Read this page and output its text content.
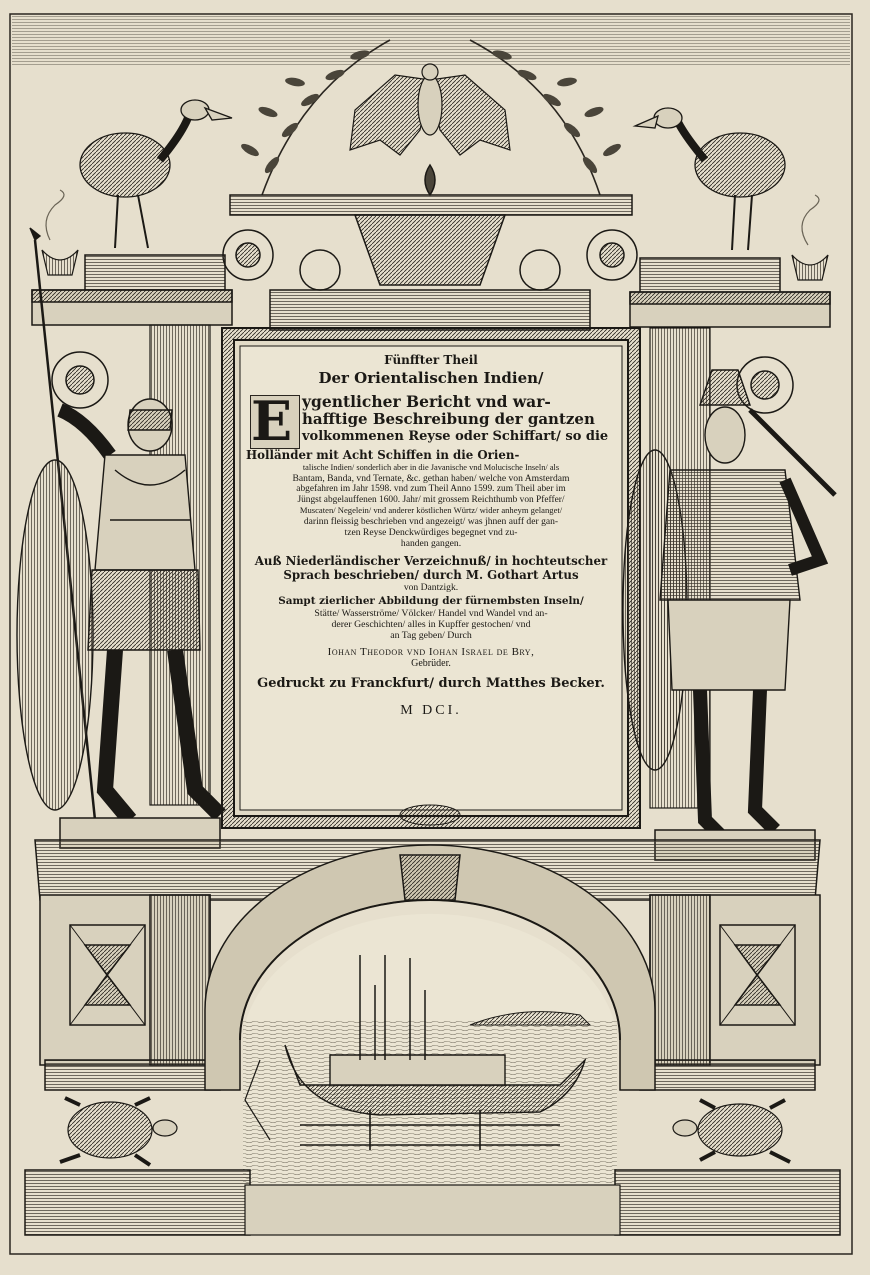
Fünffter Theil
Der Orientalischen Indien/
E ygentlicher Bericht vnd war-
hafftige Beschreibung der gantzen
volkommenen Reyse oder Schiffart/ so die
Holländer mit Acht Schiffen in die Orien-
talische Indien/ sonderlich aber in die Javanische vnd Molucische Inseln/ als
Bantam, Banda, vnd Ternate, &c. gethan haben/ welche von Amsterdam
abgefahren im Jahr 1598. vnd zum Theil Anno 1599. zum Theil aber im
Jüngst abgelauffenen 1600. Jahr/ mit grossem Reichthumb von Pfeffer/
Muscaten/ Negelein/ vnd anderer köstlichen Würtz/ wider anheym gelanget/
darinn fleissig beschrieben vnd angezeigt/ was jhnen auff der gan-
tzen Reyse Denckwürdiges begegnet vnd zu-
handen gangen.
Auß Niederländischer Verzeichnuß/ in hochteutscher
Sprach beschrieben/ durch M. Gothart Artus
von Dantzigk.
Sampt zierlicher Abbildung der fürnembsten Inseln/
Stätte/ Wasserströme/ Völcker/ Handel vnd Wandel vnd an-
derer Geschichten/ alles in Kupffer gestochen/ vnd
an Tag geben/ Durch
Iohan Theodor vnd Iohan Israel de Bry,
Gebrüder.
Gedruckt zu Franckfurt/ durch Matthes Becker.
M DCI.
